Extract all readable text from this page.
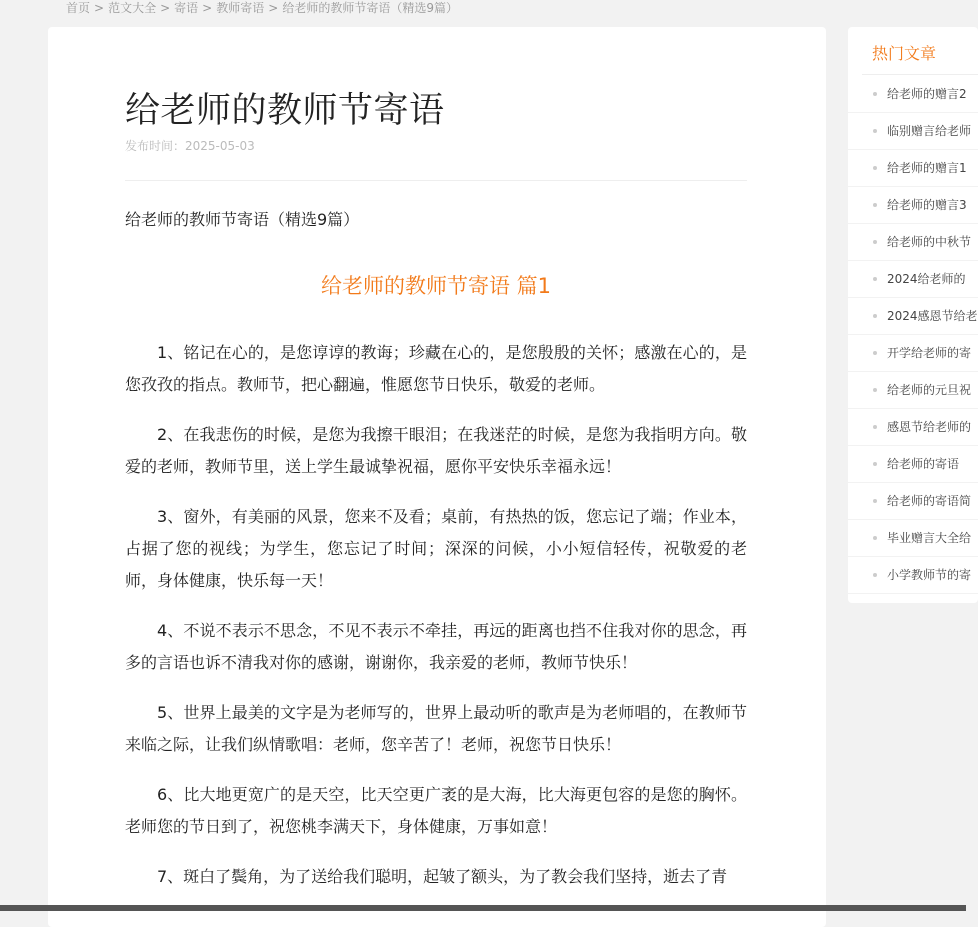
首页 > 范文大全 > 寄语 > 教师寄语 > 给老师的教师节寄语（精选9篇）
给老师的教师节寄语
发布时间：2025-05-03
给老师的教师节寄语（精选9篇）
给老师的教师节寄语 篇1

1、铭记在心的，是您谆谆的教诲；珍藏在心的，是您殷殷的关怀；感激在心的，是您孜孜的指点。教师节，把心翻遍，惟愿您节日快乐，敬爱的老师。

2、在我悲伤的时候，是您为我擦干眼泪；在我迷茫的时候，是您为我指明方向。敬爱的老师，教师节里，送上学生最诚挚祝福，愿你平安快乐幸福永远！

3、窗外，有美丽的风景，您来不及看；桌前，有热热的饭，您忘记了端；作业本，占据了您的视线；为学生，您忘记了时间；深深的问候，小小短信轻传，祝敬爱的老师，身体健康，快乐每一天！

4、不说不表示不思念，不见不表示不牵挂，再远的距离也挡不住我对你的思念，再多的言语也诉不清我对你的感谢，谢谢你，我亲爱的老师，教师节快乐！

5、世界上最美的文字是为老师写的，世界上最动听的歌声是为老师唱的，在教师节来临之际，让我们纵情歌唱：老师，您辛苦了！老师，祝您节日快乐！

6、比大地更宽广的是天空，比天空更广袤的是大海，比大海更包容的是您的胸怀。老师您的节日到了，祝您桃李满天下，身体健康，万事如意！

7、斑白了鬓角，为了送给我们聪明，起皱了额头，为了教会我们坚持，逝去了青

热门文章
给老师的赠言2
临别赠言给老师
给老师的赠言1
给老师的赠言3
给老师的中秋节
2024给老师的
2024感恩节给老
开学给老师的寄
给老师的元旦祝
感恩节给老师的
给老师的寄语
给老师的寄语简
毕业赠言大全给
小学教师节的寄
